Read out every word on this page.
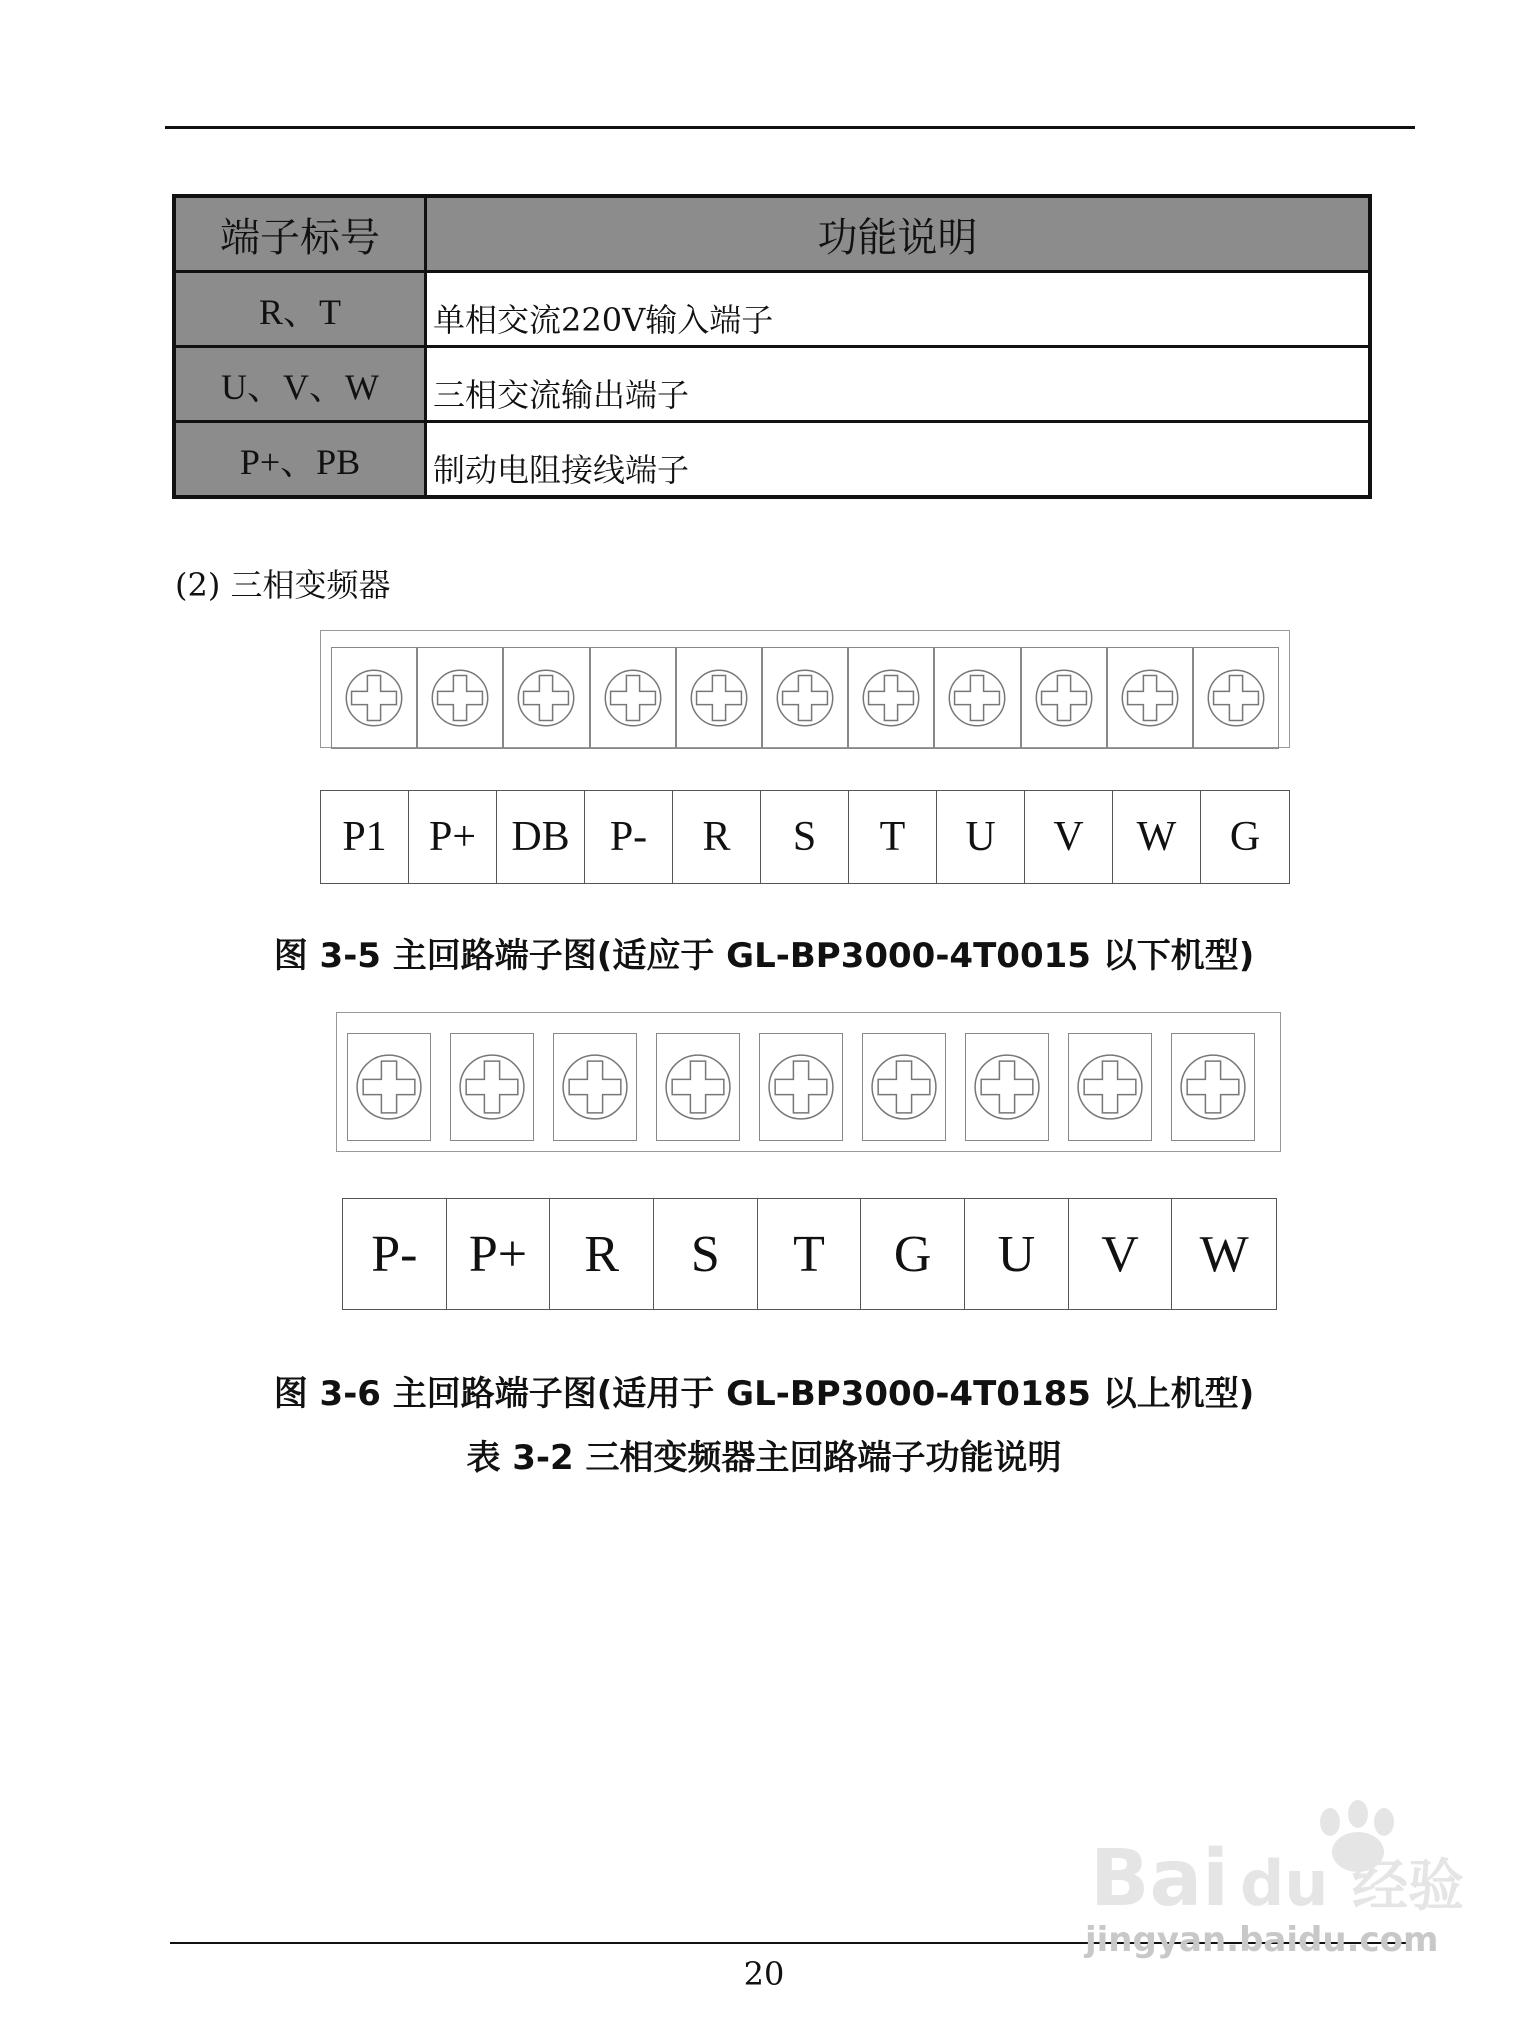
端子标号	功能说明
R、T	单相交流220V输入端子
U、V、W	三相交流输出端子
P+、PB	制动电阻接线端子
(2) 三相变频器
P1	P+ DB P-	R	S	T	U	V	W	G
图 3-5 主回路端子图(适应于 GL-BP3000-4T0015 以下机型)
P- P+	R	S	T	G	U	V	W
图 3-6 主回路端子图(适用于 GL-BP3000-4T0185 以上机型)
表 3-2 三相变频器主回路端子功能说明
20
Bai du 经验
jingyan.baidu.com
